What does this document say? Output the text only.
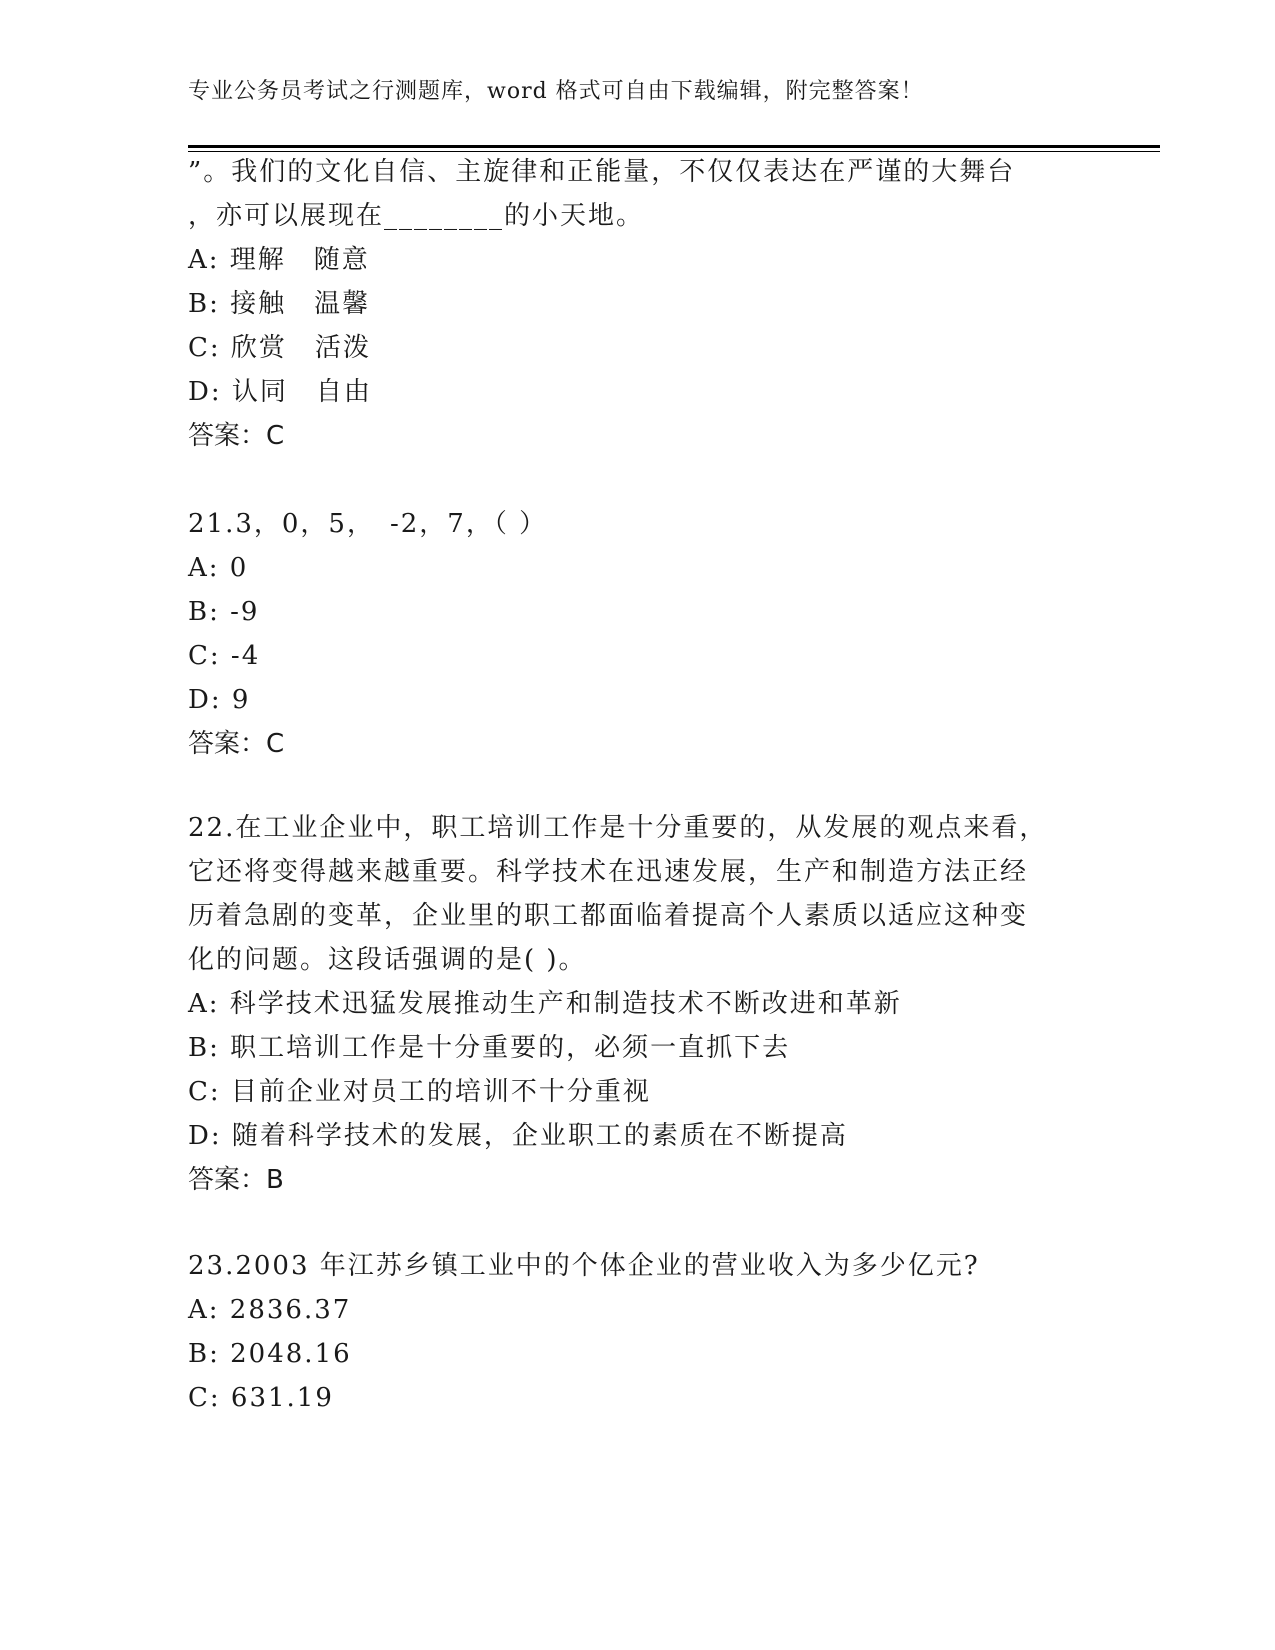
专业公务员考试之行测题库，word 格式可自由下载编辑，附完整答案！
”。我们的文化自信、主旋律和正能量，不仅仅表达在严谨的大舞台
，亦可以展现在________的小天地。
A: 理解　随意
B: 接触　温馨
C: 欣赏　活泼
D: 认同　自由
答案：C
21.3，0，5，　-2，7，（ ）
A: 0
B: -9
C: -4
D: 9
答案：C
22.在工业企业中，职工培训工作是十分重要的，从发展的观点来看，
它还将变得越来越重要。科学技术在迅速发展，生产和制造方法正经
历着急剧的变革，企业里的职工都面临着提高个人素质以适应这种变
化的问题。这段话强调的是( )。
A: 科学技术迅猛发展推动生产和制造技术不断改进和革新
B: 职工培训工作是十分重要的，必须一直抓下去
C: 目前企业对员工的培训不十分重视
D: 随着科学技术的发展，企业职工的素质在不断提高
答案：B
23.2003 年江苏乡镇工业中的个体企业的营业收入为多少亿元?
A: 2836.37
B: 2048.16
C: 631.19
